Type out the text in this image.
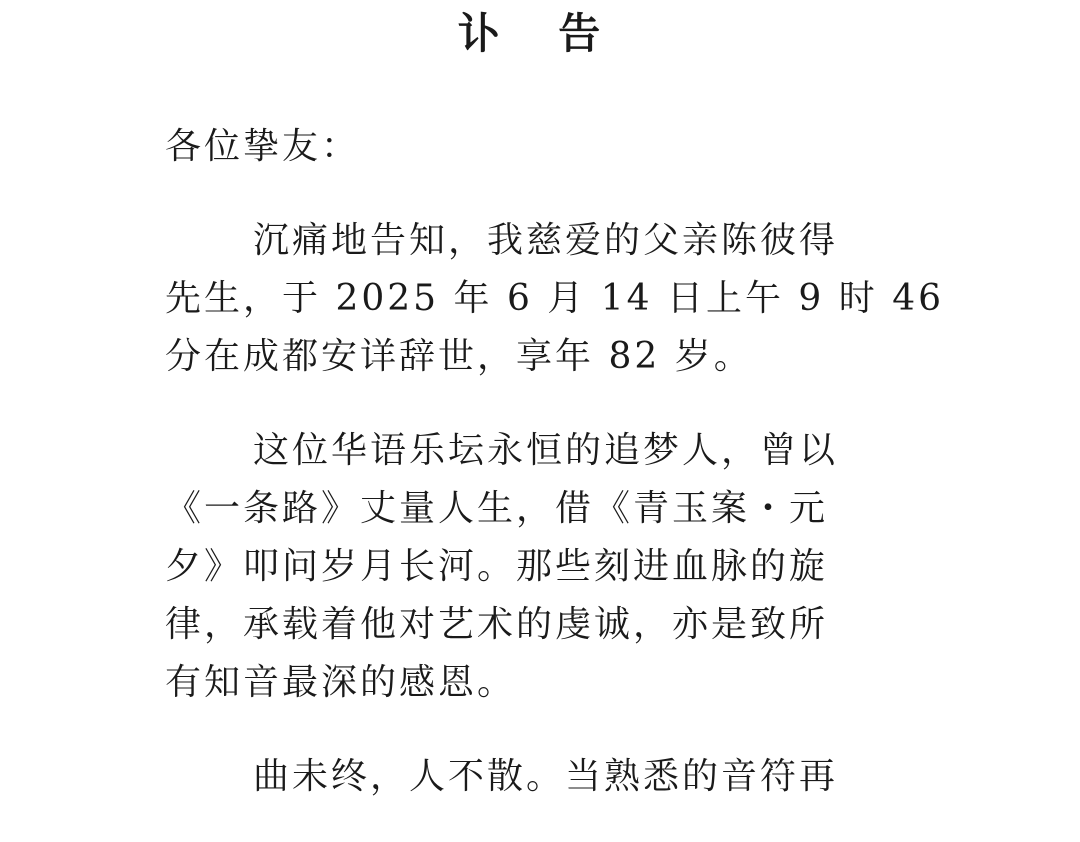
讣 告
各位挚友：
沉痛地告知，我慈爱的父亲陈彼得
先生，于 2025 年 6 月 14 日上午 9 时 46
分在成都安详辞世，享年 82 岁。
这位华语乐坛永恒的追梦人，曾以
《一条路》丈量人生，借《青玉案・元
夕》叩问岁月长河。那些刻进血脉的旋
律，承载着他对艺术的虔诚，亦是致所
有知音最深的感恩。
曲未终，人不散。当熟悉的音符再
